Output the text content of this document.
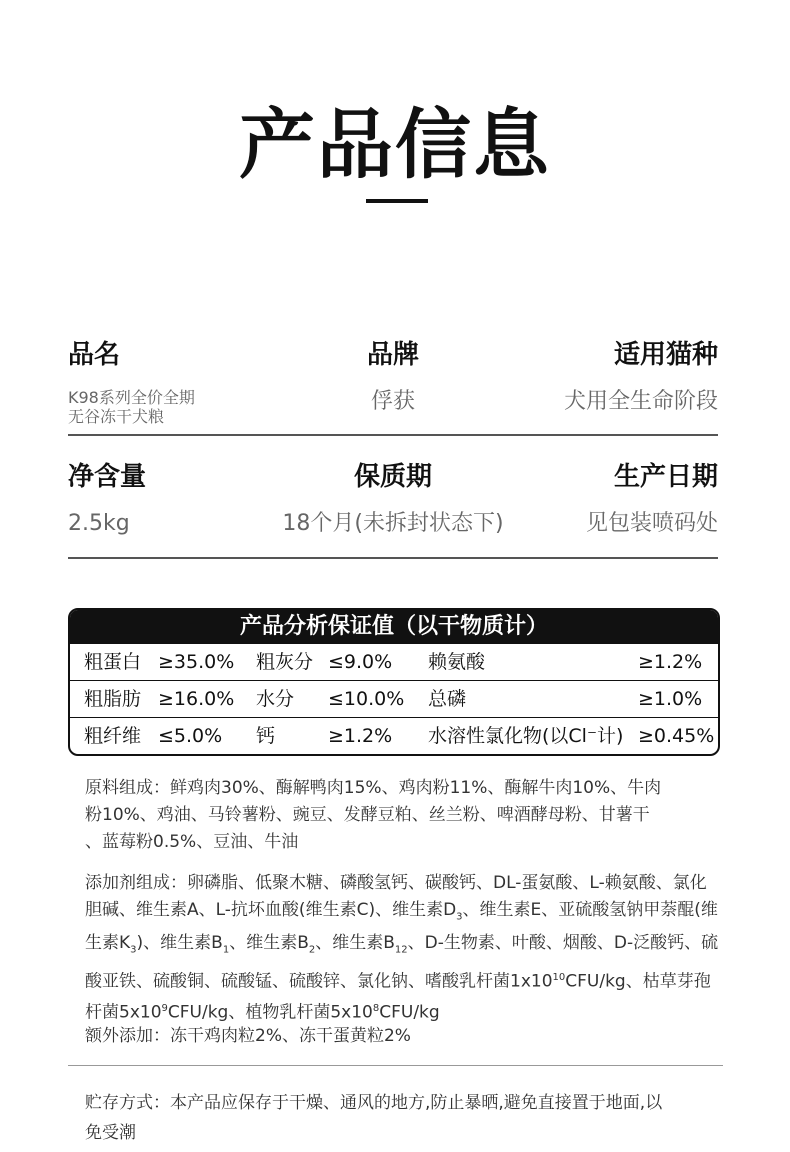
产品信息
品名
K98系列全价全期
无谷冻干犬粮
品牌
俘获
适用猫种
犬用全生命阶段
净含量
2.5kg
保质期
18个月(未拆封状态下)
生产日期
见包装喷码处
产品分析保证值（以干物质计）
粗蛋白 ≥35.0% 粗灰分 ≤9.0% 赖氨酸	≥1.2%
粗脂肪 ≥16.0% 水分 ≤10.0% 总磷	≥1.0%
粗纤维 ≤5.0% 钙	≥1.2% 水溶性氯化物(以Cl⁻计) ≥0.45%
原料组成：鲜鸡肉30%、酶解鸭肉15%、鸡肉粉11%、酶解牛肉10%、牛肉
粉10%、鸡油、马铃薯粉、豌豆、发酵豆粕、丝兰粉、啤酒酵母粉、甘薯干
、蓝莓粉0.5%、豆油、牛油
添加剂组成：卵磷脂、低聚木糖、磷酸氢钙、碳酸钙、DL-蛋氨酸、L-赖氨酸、氯化
胆碱、维生素A、L-抗坏血酸(维生素C)、维生素$D_3$、维生素E、亚硫酸氢钠甲萘醌(维
生素$K_3$)、维生素$B_1$、维生素$B_2$、维生素$B_{12}$、D-生物素、叶酸、烟酸、D-泛酸钙、硫
酸亚铁、硫酸铜、硫酸锰、硫酸锌、氯化钠、嗜酸乳杆菌$1x10^{10}CFU/kg$、枯草芽孢
杆菌$5x10^9CFU/kg$、植物乳杆菌$5x10^8CFU/kg$
额外添加：冻干鸡肉粒2%、冻干蛋黄粒2%
贮存方式：本产品应保存于干燥、通风的地方,防止暴晒,避免直接置于地面,以
免受潮
